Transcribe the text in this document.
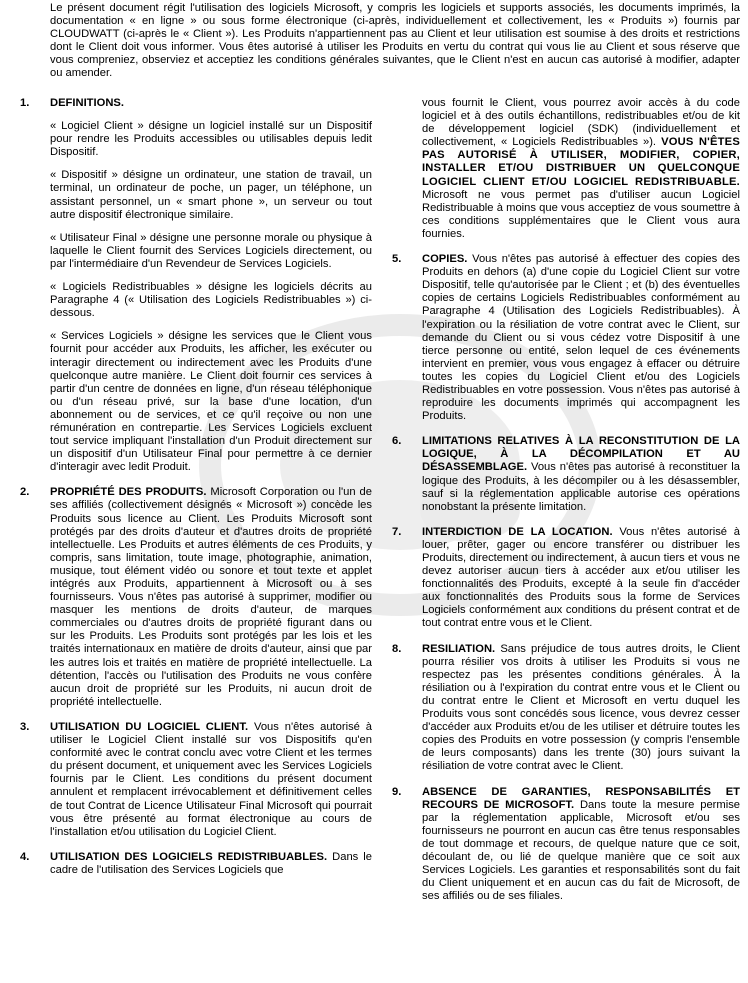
Le présent document régit l'utilisation des logiciels Microsoft, y compris les logiciels et supports associés, les documents imprimés, la documentation « en ligne » ou sous forme électronique (ci-après, individuellement et collectivement, les « Produits ») fournis par CLOUDWATT (ci-après le « Client »). Les Produits n'appartiennent pas au Client et leur utilisation est soumise à des droits et restrictions dont le Client doit vous informer. Vous êtes autorisé à utiliser les Produits en vertu du contrat qui vous lie au Client et sous réserve que vous compreniez, observiez et acceptiez les conditions générales suivantes, que le Client n'est en aucun cas autorisé à modifier, adapter ou amender.
1. DEFINITIONS.

« Logiciel Client » désigne un logiciel installé sur un Dispositif pour rendre les Produits accessibles ou utilisables depuis ledit Dispositif.

« Dispositif » désigne un ordinateur, une station de travail, un terminal, un ordinateur de poche, un pager, un téléphone, un assistant personnel, un « smart phone », un serveur ou tout autre dispositif électronique similaire.

« Utilisateur Final » désigne une personne morale ou physique à laquelle le Client fournit des Services Logiciels directement, ou par l'intermédiaire d'un Revendeur de Services Logiciels.

« Logiciels Redistribuables » désigne les logiciels décrits au Paragraphe 4 (« Utilisation des Logiciels Redistribuables ») ci-dessous.

« Services Logiciels » désigne les services que le Client vous fournit pour accéder aux Produits, les afficher, les exécuter ou interagir directement ou indirectement avec les Produits d'une quelconque autre manière. Le Client doit fournir ces services à partir d'un centre de données en ligne, d'un réseau téléphonique ou d'un réseau privé, sur la base d'une location, d'un abonnement ou de services, et ce qu'il reçoive ou non une rémunération en contrepartie. Les Services Logiciels excluent tout service impliquant l'installation d'un Produit directement sur un dispositif d'un Utilisateur Final pour permettre à ce dernier d'interagir avec ledit Produit.

2. PROPRIÉTÉ DES PRODUITS. Microsoft Corporation ou l'un de ses affiliés (collectivement désignés « Microsoft ») concède les Produits sous licence au Client. Les Produits Microsoft sont protégés par des droits d'auteur et d'autres droits de propriété intellectuelle. Les Produits et autres éléments de ces Produits, y compris, sans limitation, toute image, photographie, animation, musique, tout élément vidéo ou sonore et tout texte et applet intégrés aux Produits, appartiennent à Microsoft ou à ses fournisseurs. Vous n'êtes pas autorisé à supprimer, modifier ou masquer les mentions de droits d'auteur, de marques commerciales ou d'autres droits de propriété figurant dans ou sur les Produits. Les Produits sont protégés par les lois et les traités internationaux en matière de droits d'auteur, ainsi que par les autres lois et traités en matière de propriété intellectuelle. La détention, l'accès ou l'utilisation des Produits ne vous confère aucun droit de propriété sur les Produits, ni aucun droit de propriété intellectuelle.
3. UTILISATION DU LOGICIEL CLIENT. Vous n'êtes autorisé à utiliser le Logiciel Client installé sur vos Dispositifs qu'en conformité avec le contrat conclu avec votre Client et les termes du présent document, et uniquement avec les Services Logiciels fournis par le Client. Les conditions du présent document annulent et remplacent irrévocablement et définitivement celles de tout Contrat de Licence Utilisateur Final Microsoft qui pourrait vous être présenté au format électronique au cours de l'installation et/ou utilisation du Logiciel Client.
4. UTILISATION DES LOGICIELS REDISTRIBUABLES. Dans le cadre de l'utilisation des Services Logiciels que
vous fournit le Client, vous pourrez avoir accès à du code logiciel et à des outils échantillons, redistribuables et/ou de kit de développement logiciel (SDK) (individuellement et collectivement, « Logiciels Redistribuables »). VOUS N'ÊTES PAS AUTORISÉ À UTILISER, MODIFIER, COPIER, INSTALLER ET/OU DISTRIBUER UN QUELCONQUE LOGICIEL CLIENT ET/OU LOGICIEL REDISTRIBUABLE. Microsoft ne vous permet pas d'utiliser aucun Logiciel Redistribuable à moins que vous acceptiez de vous soumettre à ces conditions supplémentaires que le Client vous aura fournies.
5. COPIES. Vous n'êtes pas autorisé à effectuer des copies des Produits en dehors (a) d'une copie du Logiciel Client sur votre Dispositif, telle qu'autorisée par le Client ; et (b) des éventuelles copies de certains Logiciels Redistribuables conformément au Paragraphe 4 (Utilisation des Logiciels Redistribuables). À l'expiration ou la résiliation de votre contrat avec le Client, sur demande du Client ou si vous cédez votre Dispositif à une tierce personne ou entité, selon lequel de ces événements intervient en premier, vous vous engagez à effacer ou détruire toutes les copies du Logiciel Client et/ou des Logiciels Redistribuables en votre possession. Vous n'êtes pas autorisé à reproduire les documents imprimés qui accompagnent les Produits.
6. LIMITATIONS RELATIVES À LA RECONSTITUTION DE LA LOGIQUE, À LA DÉCOMPILATION ET AU DÉSASSEMBLAGE. Vous n'êtes pas autorisé à reconstituer la logique des Produits, à les décompiler ou à les désassembler, sauf si la réglementation applicable autorise ces opérations nonobstant la présente limitation.
7. INTERDICTION DE LA LOCATION. Vous n'êtes autorisé à louer, prêter, gager ou encore transférer ou distribuer les Produits, directement ou indirectement, à aucun tiers et vous ne devez autoriser aucun tiers à accéder aux et/ou utiliser les fonctionnalités des Produits, excepté à la seule fin d'accéder aux fonctionnalités des Produits sous la forme de Services Logiciels conformément aux conditions du présent contrat et de tout contrat entre vous et le Client.
8. RESILIATION. Sans préjudice de tous autres droits, le Client pourra résilier vos droits à utiliser les Produits si vous ne respectez pas les présentes conditions générales. À la résiliation ou à l'expiration du contrat entre vous et le Client ou du contrat entre le Client et Microsoft en vertu duquel les Produits vous sont concédés sous licence, vous devrez cesser d'accéder aux Produits et/ou de les utiliser et détruire toutes les copies des Produits en votre possession (y compris l'ensemble de leurs composants) dans les trente (30) jours suivant la résiliation de votre contrat avec le Client.
9. ABSENCE DE GARANTIES, RESPONSABILITÉS ET RECOURS DE MICROSOFT. Dans toute la mesure permise par la réglementation applicable, Microsoft et/ou ses fournisseurs ne pourront en aucun cas être tenus responsables de tout dommage et recours, de quelque nature que ce soit, découlant de, ou lié de quelque manière que ce soit aux Services Logiciels. Les garanties et responsabilités sont du fait du Client uniquement et en aucun cas du fait de Microsoft, de ses affiliés ou de ses filiales.
